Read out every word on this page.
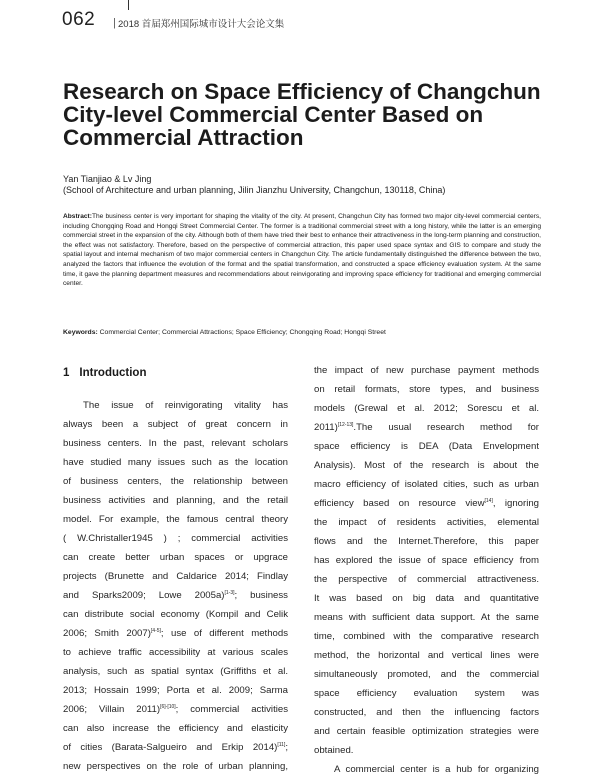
062 | 2018 首届郑州国际城市设计大会论文集
Research on Space Efficiency of Changchun
City-level Commercial Center Based on
Commercial Attraction
Yan Tianjiao & Lv Jing
(School of Architecture and urban planning, Jilin Jianzhu University, Changchun, 130118, China)

Abstract:The business center is very important for shaping the vitality of the city. At present, Changchun City has formed two major city-level commercial centers, including Chongqing Road and Hongqi Street Commercial Center. The former is a traditional commercial street with a long history, while the latter is an emerging commercial street in the expansion of the city. Although both of them have tried their best to enhance their attractiveness in the long-term planning and construction, the effect was not satisfactory. Therefore, based on the perspective of commercial attraction, this paper used space syntax and GIS to compare and study the spatial layout and internal mechanism of two major commercial centers in Changchun City. The article fundamentally distinguished the difference between the two, analyzed the factors that influence the evolution of the format and the spatial transformation, and constructed a space efficiency evaluation system. At the same time, it gave the planning department measures and recommendations about reinvigorating and improving space efficiency for traditional and emerging commercial center.

Keywords: Commercial Center; Commercial Attractions; Space Efficiency; Chongqing Road; Hongqi Street
1 Introduction
The issue of reinvigorating vitality has
always been a subject of great concern in
business centers. In the past, relevant scholars
have studied many issues such as the location
of business centers, the relationship between
business activities and planning, and the retail
model. For example, the famous central theory
( W.Christaller1945 ) ; commercial activities
can create better urban spaces or upgrace
projects (Brunette and Caldarice 2014; Findlay
and Sparks2009; Lowe 2005a)[1-3]; business
can distribute social economy (Kompil and Celik
2006; Smith 2007)[4-5]; use of different methods
to achieve traffic accessibility at various scales
analysis, such as spatial syntax (Griffiths et al.
2013; Hossain 1999; Porta et al. 2009; Sarma
2006; Villain 2011)[6]-[10]; commercial activities
can also increase the efficiency and elasticity
of cities (Barata-Salgueiro and Erkip 2014)[11];
new perspectives on the role of urban planning,
the impact of new purchase payment methods
on retail formats, store types, and business
models (Grewal et al. 2012; Sorescu et al.
2011)[12-13].The usual research method for
space efficiency is DEA (Data Envelopment
Analysis). Most of the research is about the
macro efficiency of isolated cities, such as urban
efficiency based on resource view[14], ignoring
the impact of residents activities, elemental
flows and the Internet.Therefore, this paper
has explored the issue of space efficiency from
the perspective of commercial attractiveness.
It was based on big data and quantitative
means with sufficient data support. At the same
time, combined with the comparative research
method, the horizontal and vertical lines were
simultaneously promoted, and the commercial
space efficiency evaluation system was
constructed, and then the influencing factors
and certain feasible optimization strategies were
obtained.
A commercial center is a hub for organizing
